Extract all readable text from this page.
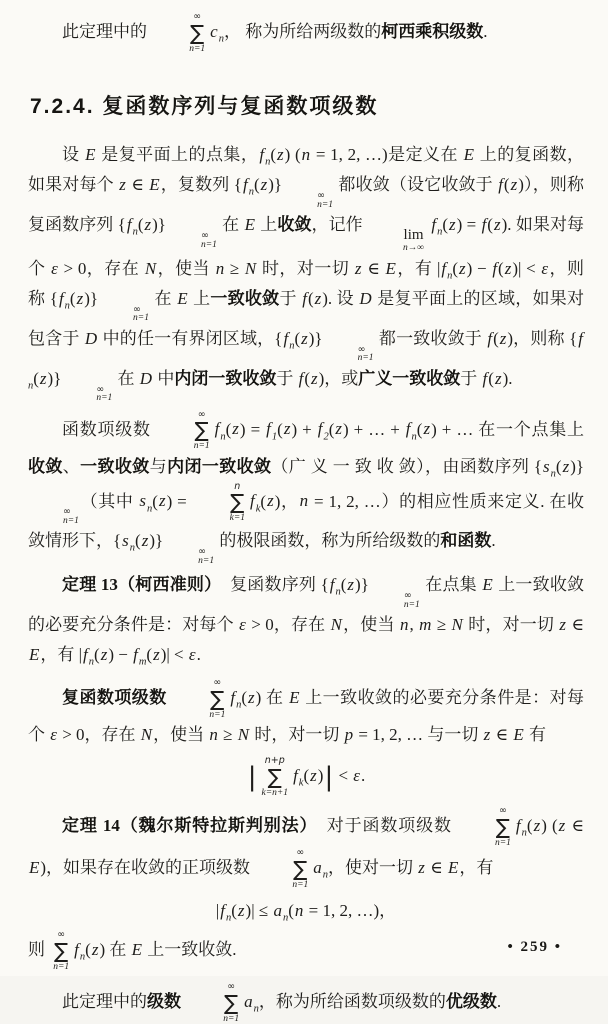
此定理中的
∞
∑
n=1
$c_n$， 称为所给两级数的柯西乘积级数.
7.2.4. 复函数序列与复函数项级数
设 E 是复平面上的点集，$f_n(z) (n = 1$, 2, …)是定义在 E 上的复函数，如果对每个 z ∈ E，复数列 $\{f_n(z)\}$
∞
n=1
都收敛（设它收敛于 f(z)），则称复函数序列 $\{f_n(z)\}$
∞
n=1
在 E 上收敛，记作
lim
n→∞
$f_n(z) = f(z)$. 如果对每个 ε > 0，存在 N，使当 n ≥ N 时，对一切 z ∈ E，有 $|f_n(z) - f(z)| < \varepsilon$，则称 $\{f_n(z)\}$
∞
n=1
在 E 上一致收敛于 f(z). 设 D 是复平面上的区域，如果对包含于 D 中的任一有界闭区域，$\{f_n(z)\}$
∞
n=1
都一致收敛于 f(z)，则称 $\{f_n(z)\}$
∞
n=1
在 D 中内闭一致收敛于 f(z)，或广义一致收敛于 f(z).
函数项级数
∞
∑
n=1
$f_n(z) = f_1(z) + f_2(z)$ + … + $f_n(z)$ + … 在一个点集上收敛、一致收敛与内闭一致收敛（广 义 一 致 收 敛），由函数序列 $\{s_n(z)\}$
∞
n=1
（其中 $s_n(z)$ =
n
∑
k=1
$f_k(z)$，n = 1, 2, …）的相应性质来定义. 在收敛情形下，$\{s_n(z)\}$
∞
n=1
的极限函数，称为所给级数的和函数.
定理 13（柯西准则）　复函数序列 $\{f_n(z)\}$
∞
n=1
在点集 E 上一致收敛的必要充分条件是：对每个 ε > 0，存在 N，使当 n, m ≥ N 时，对一切 z ∈ E，有 $|f_n(z) - f_m(z)| < \varepsilon$.
复函数项级数
∞
∑
n=1
$f_n(z)$ 在 E 上一致收敛的必要充分条件是：对每个 ε > 0，存在 N，使当 n ≥ N 时，对一切 p = 1, 2, … 与一切 z ∈ E 有
|
n+p
∑
k=n+1
$f_k(z)| < \varepsilon$.
定理 14（魏尔斯特拉斯判别法）　对于函数项级数
∞
∑
n=1
$f_n(z)$ (z ∈ E)，如果存在收敛的正项级数
∞
∑
n=1
$a_n$，使对一切 z ∈ E，有
$|f_n(z)| \le a_n(n = 1$, 2, …)，
则
∞
∑
n=1
$f_n(z)$ 在 E 上一致收敛.
此定理中的级数
∞
∑
n=1
$a_n$，称为所给函数项级数的优级数.
• 259 •
